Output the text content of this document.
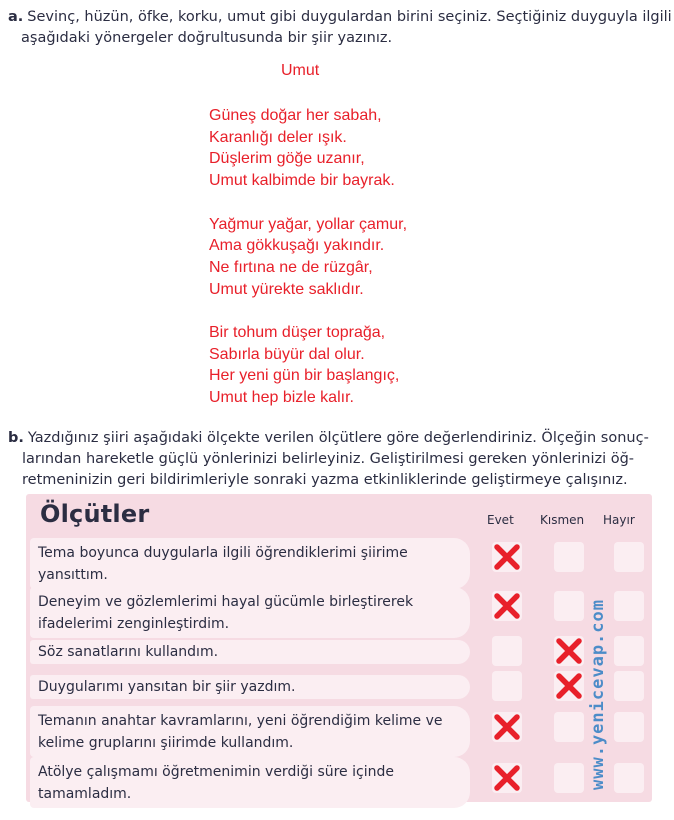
a. Sevinç, hüzün, öfke, korku, umut gibi duygulardan birini seçiniz. Seçtiğiniz duyguyla ilgili
aşağıdaki yönergeler doğrultusunda bir şiir yazınız.
Umut
Güneş doğar her sabah,
Karanlığı deler ışık.
Düşlerim göğe uzanır,
Umut kalbimde bir bayrak.
Yağmur yağar, yollar çamur,
Ama gökkuşağı yakındır.
Ne fırtına ne de rüzgâr,
Umut yürekte saklıdır.
Bir tohum düşer toprağa,
Sabırla büyür dal olur.
Her yeni gün bir başlangıç,
Umut hep bizle kalır.
b. Yazdığınız şiiri aşağıdaki ölçekte verilen ölçütlere göre değerlendiriniz. Ölçeğin sonuç-
larından hareketle güçlü yönlerinizi belirleyiniz. Geliştirilmesi gereken yönlerinizi öğ-
retmeninizin geri bildirimleriyle sonraki yazma etkinliklerinde geliştirmeye çalışınız.
Ölçütler	Evet Kısmen Hayır
Tema boyunca duygularla ilgili öğrendiklerimi şiirime
yansıttım.
Deneyim ve gözlemlerimi hayal gücümle birleştirerek
ifadelerimi zenginleştirdim.
Söz sanatlarını kullandım.
Duygularımı yansıtan bir şiir yazdım.
Temanın anahtar kavramlarını, yeni öğrendiğim kelime ve
kelime gruplarını şiirimde kullandım.
Atölye çalışmamı öğretmenimin verdiği süre içinde
tamamladım.
www.yenicevap.com
